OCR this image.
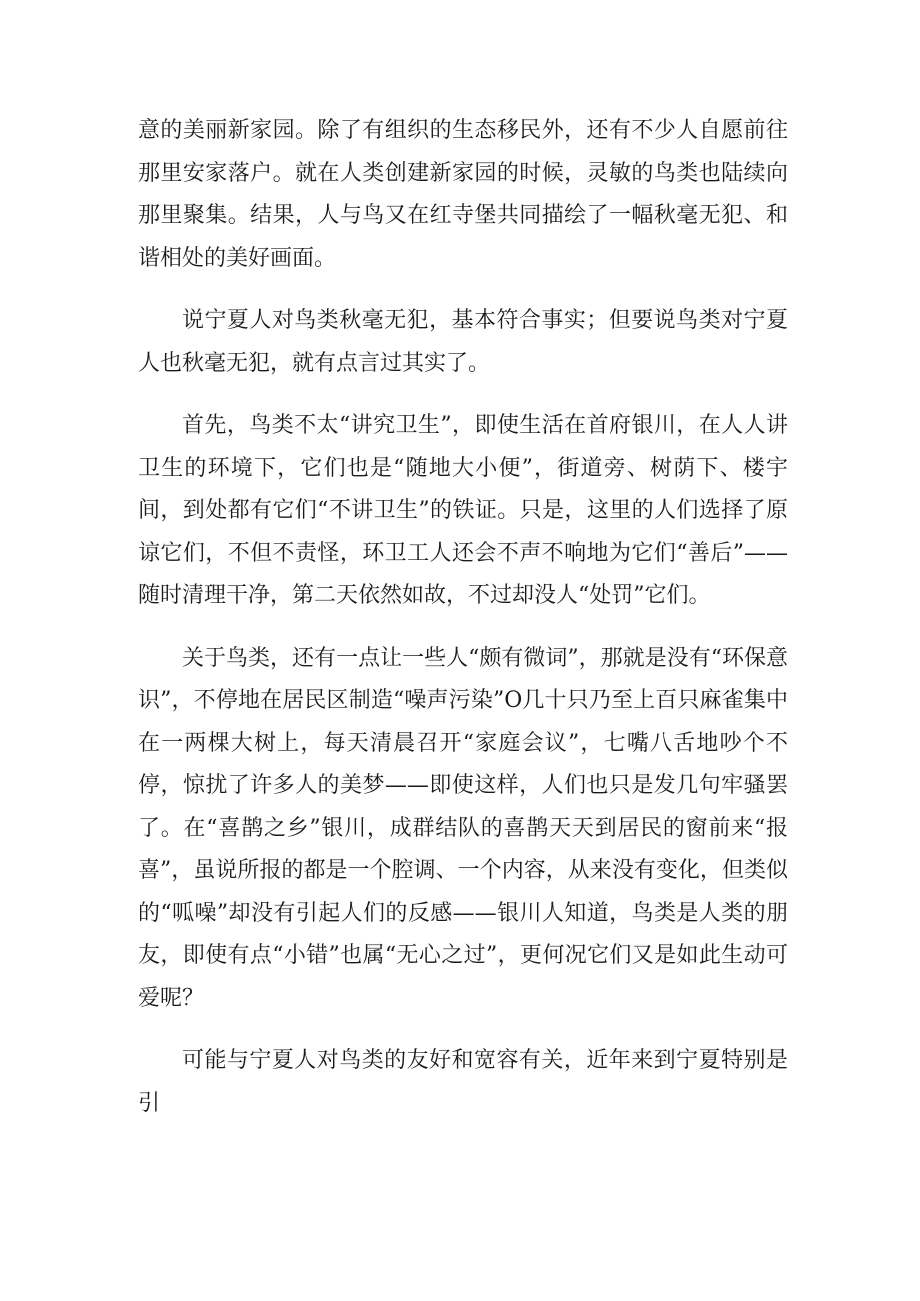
意的美丽新家园。除了有组织的生态移民外，还有不少人自愿前往那里安家落户。就在人类创建新家园的时候，灵敏的鸟类也陆续向那里聚集。结果，人与鸟又在红寺堡共同描绘了一幅秋毫无犯、和谐相处的美好画面。

说宁夏人对鸟类秋毫无犯，基本符合事实；但要说鸟类对宁夏人也秋毫无犯，就有点言过其实了。

首先，鸟类不太“讲究卫生”，即使生活在首府银川，在人人讲卫生的环境下，它们也是“随地大小便”，街道旁、树荫下、楼宇间，到处都有它们“不讲卫生”的铁证。只是，这里的人们选择了原谅它们，不但不责怪，环卫工人还会不声不响地为它们“善后”——随时清理干净，第二天依然如故，不过却没人“处罚”它们。

关于鸟类，还有一点让一些人“颇有微词”，那就是没有“环保意识”，不停地在居民区制造“噪声污染”O几十只乃至上百只麻雀集中在一两棵大树上，每天清晨召开“家庭会议”，七嘴八舌地吵个不停，惊扰了许多人的美梦——即使这样，人们也只是发几句牢骚罢了。在“喜鹊之乡”银川，成群结队的喜鹊天天到居民的窗前来“报喜”，虽说所报的都是一个腔调、一个内容，从来没有变化，但类似的“呱噪”却没有引起人们的反感——银川人知道，鸟类是人类的朋友，即使有点“小错”也属“无心之过”，更何况它们又是如此生动可爱呢？

可能与宁夏人对鸟类的友好和宽容有关，近年来到宁夏特别是引
